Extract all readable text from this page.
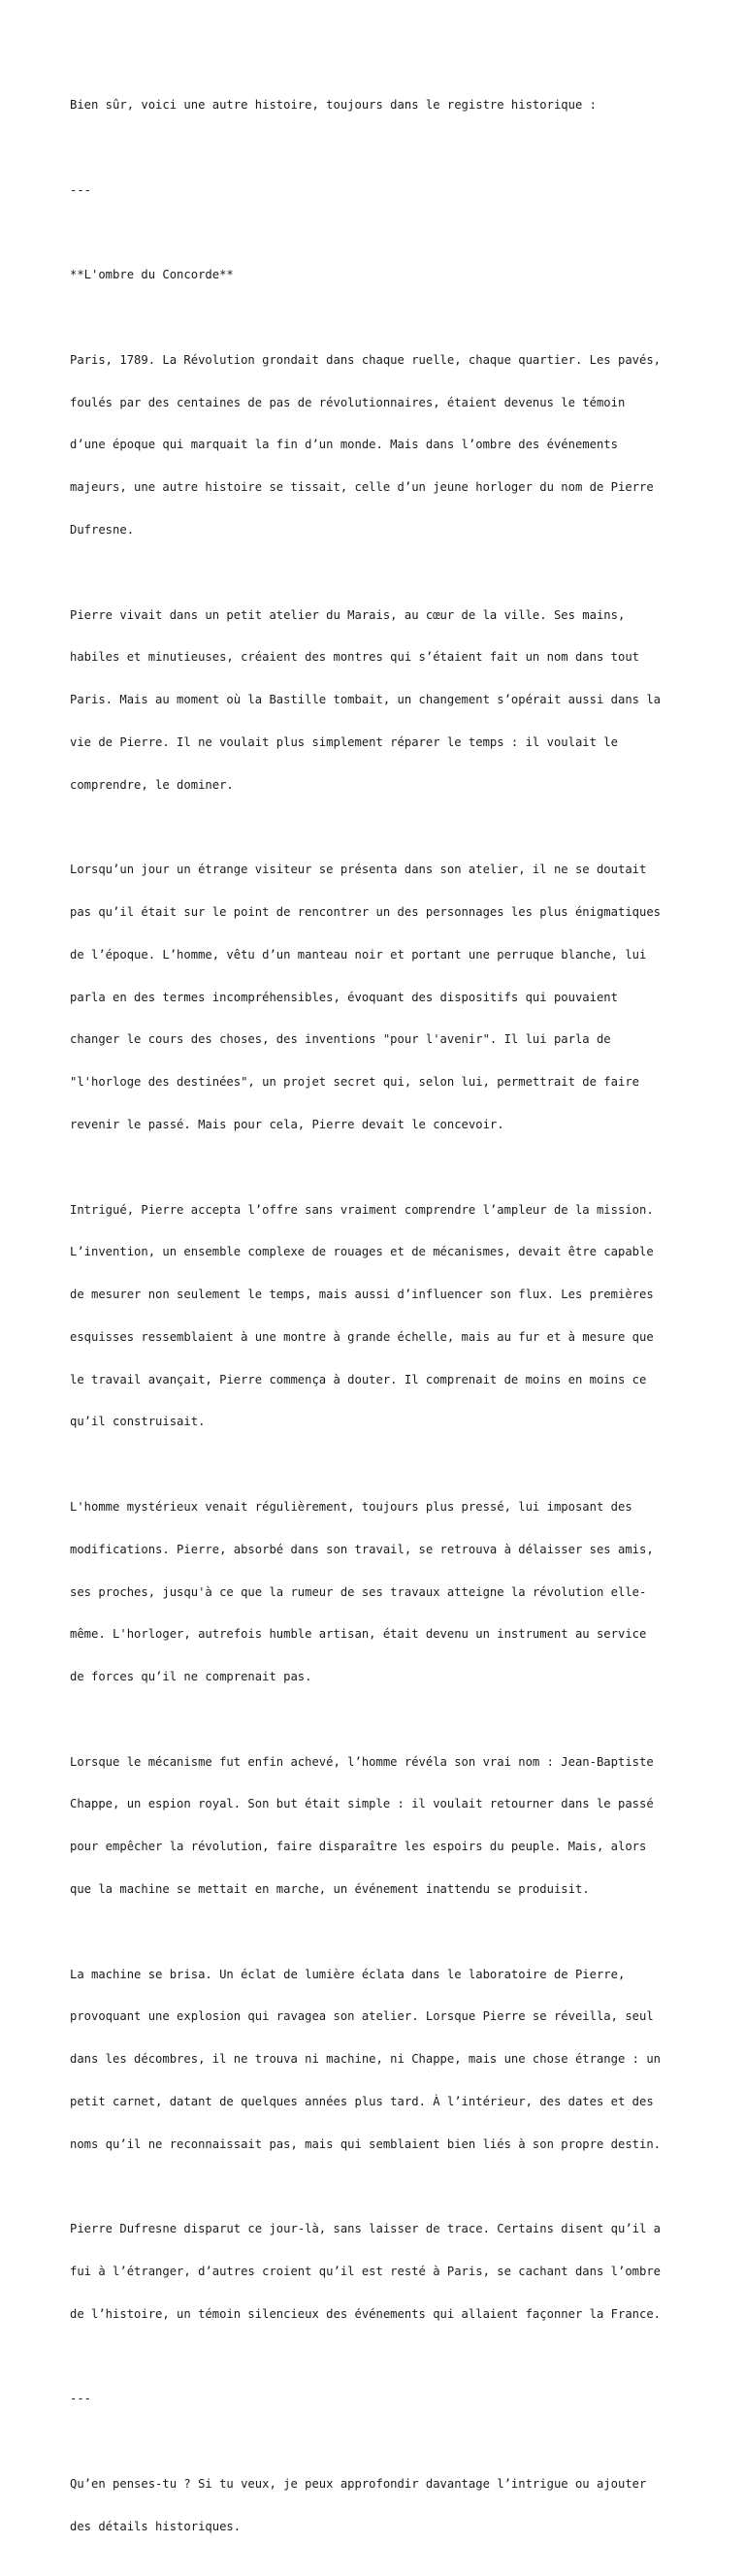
Bien sûr, voici une autre histoire, toujours dans le registre historique :

---

**L'ombre du Concorde**

Paris, 1789. La Révolution grondait dans chaque ruelle, chaque quartier. Les pavés,

foulés par des centaines de pas de révolutionnaires, étaient devenus le témoin

d’une époque qui marquait la fin d’un monde. Mais dans l’ombre des événements

majeurs, une autre histoire se tissait, celle d’un jeune horloger du nom de Pierre

Dufresne.

Pierre vivait dans un petit atelier du Marais, au cœur de la ville. Ses mains,

habiles et minutieuses, créaient des montres qui s’étaient fait un nom dans tout

Paris. Mais au moment où la Bastille tombait, un changement s’opérait aussi dans la

vie de Pierre. Il ne voulait plus simplement réparer le temps : il voulait le

comprendre, le dominer.

Lorsqu’un jour un étrange visiteur se présenta dans son atelier, il ne se doutait

pas qu’il était sur le point de rencontrer un des personnages les plus énigmatiques

de l’époque. L’homme, vêtu d’un manteau noir et portant une perruque blanche, lui

parla en des termes incompréhensibles, évoquant des dispositifs qui pouvaient

changer le cours des choses, des inventions "pour l'avenir". Il lui parla de

"l'horloge des destinées", un projet secret qui, selon lui, permettrait de faire

revenir le passé. Mais pour cela, Pierre devait le concevoir.

Intrigué, Pierre accepta l’offre sans vraiment comprendre l’ampleur de la mission.

L’invention, un ensemble complexe de rouages et de mécanismes, devait être capable

de mesurer non seulement le temps, mais aussi d’influencer son flux. Les premières

esquisses ressemblaient à une montre à grande échelle, mais au fur et à mesure que

le travail avançait, Pierre commença à douter. Il comprenait de moins en moins ce

qu’il construisait.

L'homme mystérieux venait régulièrement, toujours plus pressé, lui imposant des

modifications. Pierre, absorbé dans son travail, se retrouva à délaisser ses amis,

ses proches, jusqu'à ce que la rumeur de ses travaux atteigne la révolution elle-

même. L'horloger, autrefois humble artisan, était devenu un instrument au service

de forces qu’il ne comprenait pas.

Lorsque le mécanisme fut enfin achevé, l’homme révéla son vrai nom : Jean-Baptiste

Chappe, un espion royal. Son but était simple : il voulait retourner dans le passé

pour empêcher la révolution, faire disparaître les espoirs du peuple. Mais, alors

que la machine se mettait en marche, un événement inattendu se produisit.

La machine se brisa. Un éclat de lumière éclata dans le laboratoire de Pierre,

provoquant une explosion qui ravagea son atelier. Lorsque Pierre se réveilla, seul

dans les décombres, il ne trouva ni machine, ni Chappe, mais une chose étrange : un

petit carnet, datant de quelques années plus tard. À l’intérieur, des dates et des

noms qu’il ne reconnaissait pas, mais qui semblaient bien liés à son propre destin.

Pierre Dufresne disparut ce jour-là, sans laisser de trace. Certains disent qu’il a

fui à l’étranger, d’autres croient qu’il est resté à Paris, se cachant dans l’ombre

de l’histoire, un témoin silencieux des événements qui allaient façonner la France.

---

Qu’en penses-tu ? Si tu veux, je peux approfondir davantage l’intrigue ou ajouter

des détails historiques.
